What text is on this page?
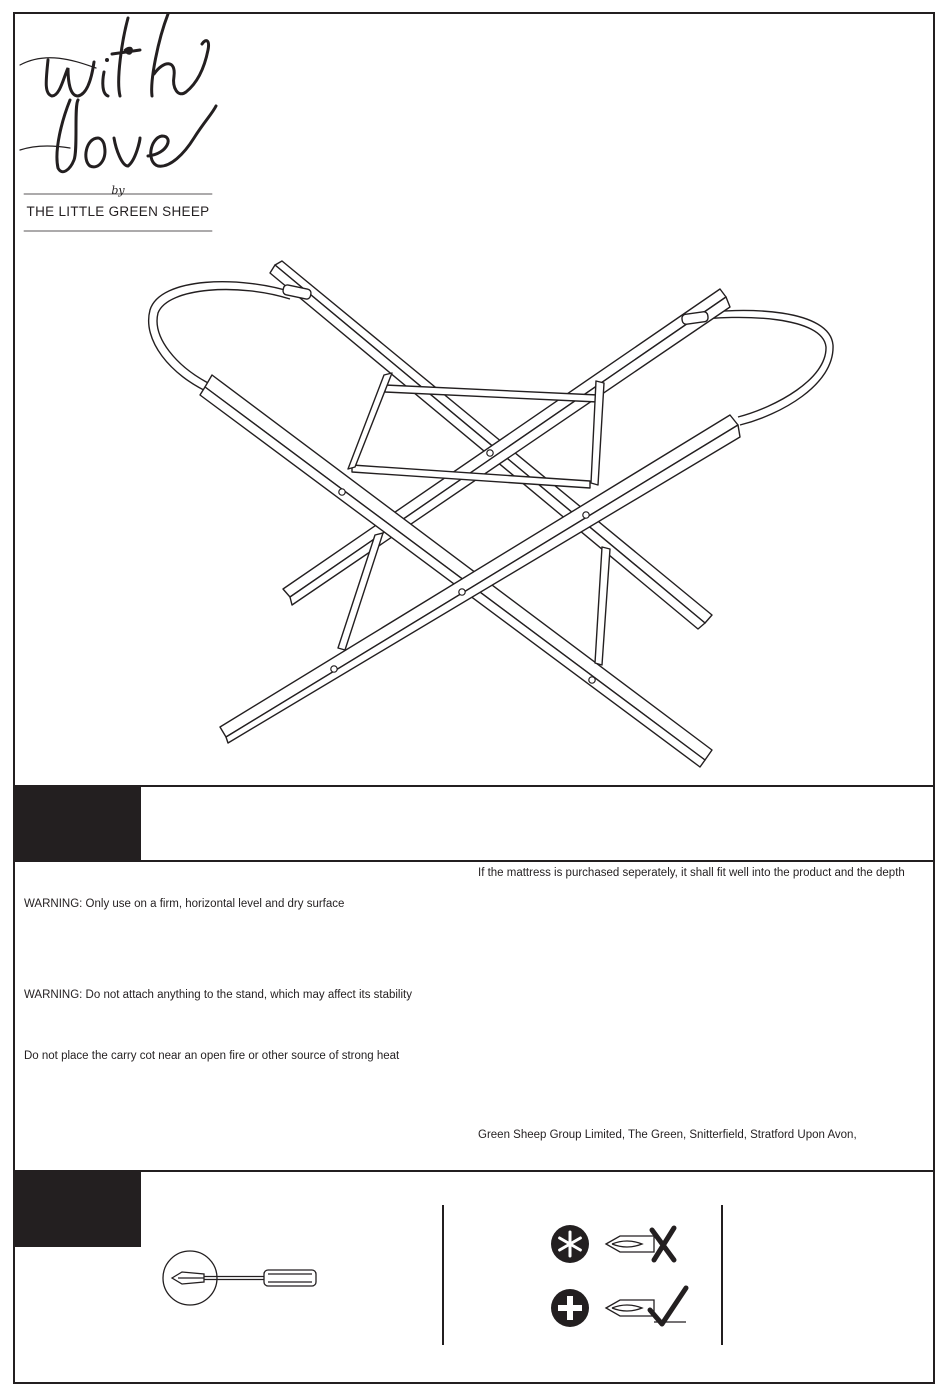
by
THE LITTLE GREEN SHEEP
If the mattress is purchased seperately, it shall fit well into the product and the depth
WARNING: Only use on a firm, horizontal level and dry surface
WARNING: Do not attach anything to the stand, which may affect its stability
Do not place the carry cot near an open fire or other source of strong heat
Green Sheep Group Limited, The Green, Snitterfield, Stratford Upon Avon,
